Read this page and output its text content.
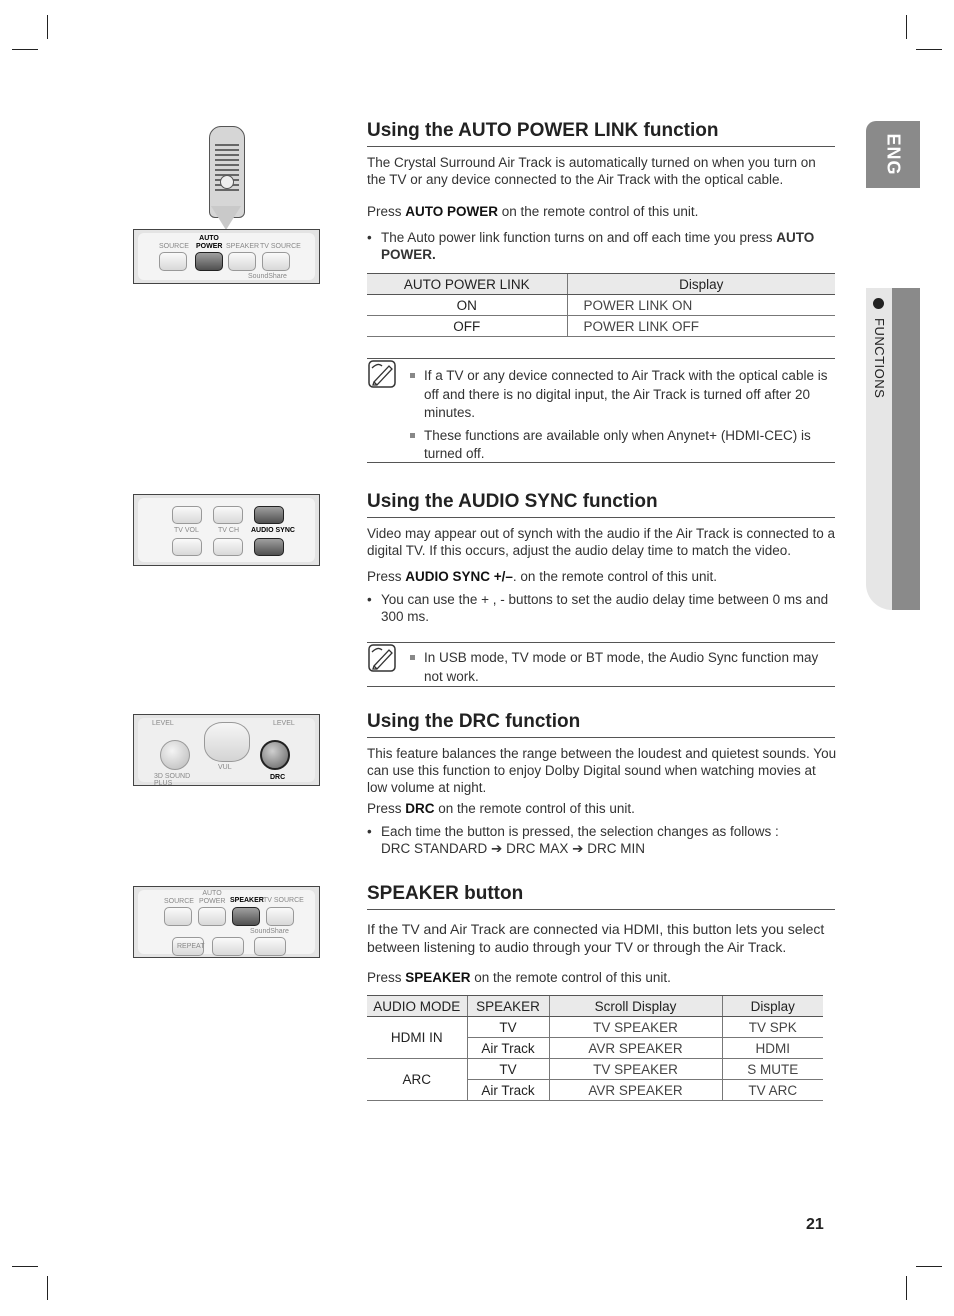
ENG
FUNCTIONS
SOURCE
AUTO POWER SPEAKER TV SOURCE
SoundShare
Using the AUTO POWER LINK function
The Crystal Surround Air Track is automatically turned on when you turn on the TV or any device connected to the Air Track with the optical cable.
Press AUTO POWER on the remote control of this unit.
• The Auto power link function turns on and off each time you press AUTO POWER.
AUTO POWER LINK	Display
ON	POWER LINK ON
OFF	POWER LINK OFF
If a TV or any device connected to Air Track with the optical cable is off and there is no digital input, the Air Track is turned off after 20 minutes.
These functions are available only when Anynet+ (HDMI-CEC) is turned off.
TV VOL	TV CH AUDIO SYNC
Using the AUDIO SYNC function
Video may appear out of synch with the audio if the Air Track is connected to a digital TV. If this occurs, adjust the audio delay time to match the video.
Press AUDIO SYNC +/–. on the remote control of this unit.
• You can use the + , - buttons to set the audio delay time between 0 ms and 300 ms.
In USB mode, TV mode or BT mode, the Audio Sync function may not work.
LEVEL	LEVEL
VUL
3D SOUND PLUS
DRC
Using the DRC function
This feature balances the range between the loudest and quietest sounds. You can use this function to enjoy Dolby Digital sound when watching movies at low volume at night.
Press DRC on the remote control of this unit.
• Each time the button is pressed, the selection changes as follows :
DRC STANDARD ➔ DRC MAX ➔ DRC MIN
SOURCE
AUTO POWER SPEAKER TV SOURCE
SoundShare
REPEAT
SPEAKER button
If the TV and Air Track are connected via HDMI, this button lets you select between listening to audio through your TV or through the Air Track.
Press SPEAKER on the remote control of this unit.
AUDIO MODE	SPEAKER	Scroll Display	Display
HDMI IN	TV	TV SPEAKER	TV SPK
	Air Track	AVR SPEAKER	HDMI
ARC	TV	TV SPEAKER	S MUTE
	Air Track	AVR SPEAKER	TV ARC
21
